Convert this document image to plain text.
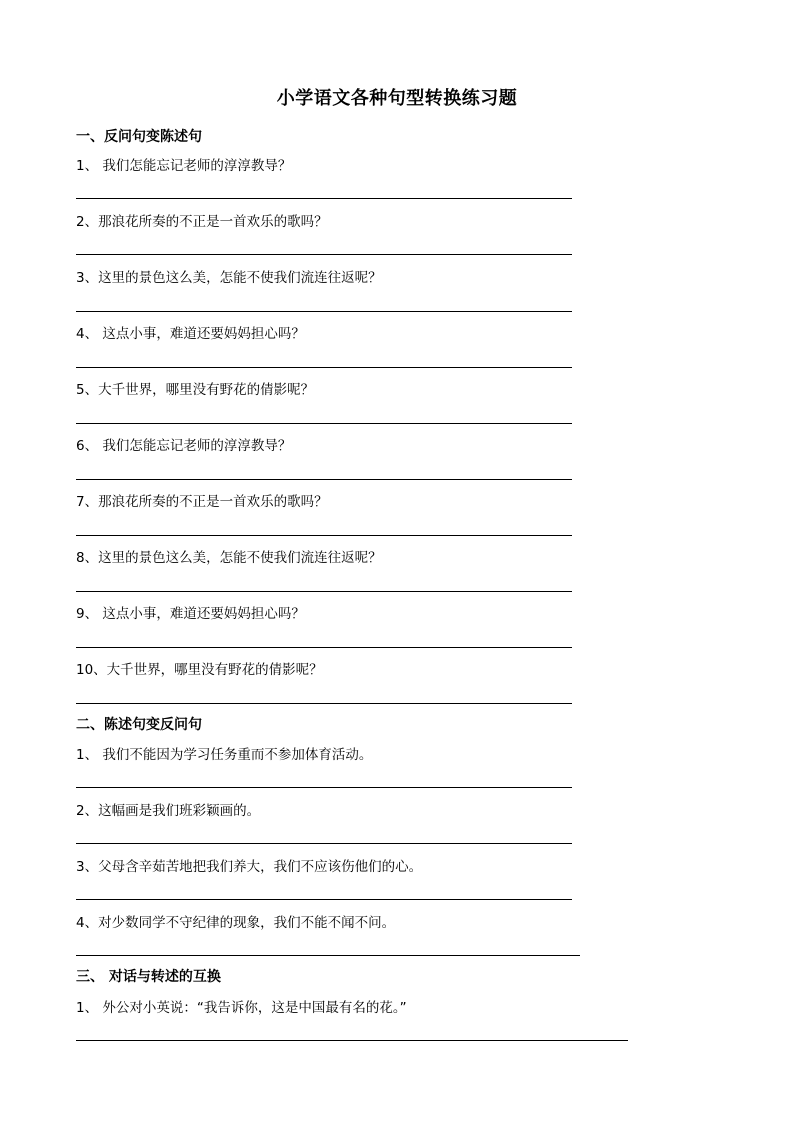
小学语文各种句型转换练习题
一、反问句变陈述句
1、 我们怎能忘记老师的淳淳教导？
2、那浪花所奏的不正是一首欢乐的歌吗？
3、这里的景色这么美，怎能不使我们流连往返呢？
4、 这点小事，难道还要妈妈担心吗？
5、大千世界，哪里没有野花的倩影呢？
6、 我们怎能忘记老师的淳淳教导？
7、那浪花所奏的不正是一首欢乐的歌吗？
8、这里的景色这么美，怎能不使我们流连往返呢？
9、 这点小事，难道还要妈妈担心吗？
10、大千世界，哪里没有野花的倩影呢？
二、陈述句变反问句
1、 我们不能因为学习任务重而不参加体育活动。
2、这幅画是我们班彩颖画的。
3、父母含辛茹苦地把我们养大，我们不应该伤他们的心。
4、对少数同学不守纪律的现象，我们不能不闻不问。
三、 对话与转述的互换
1、 外公对小英说：“我告诉你，这是中国最有名的花。”
